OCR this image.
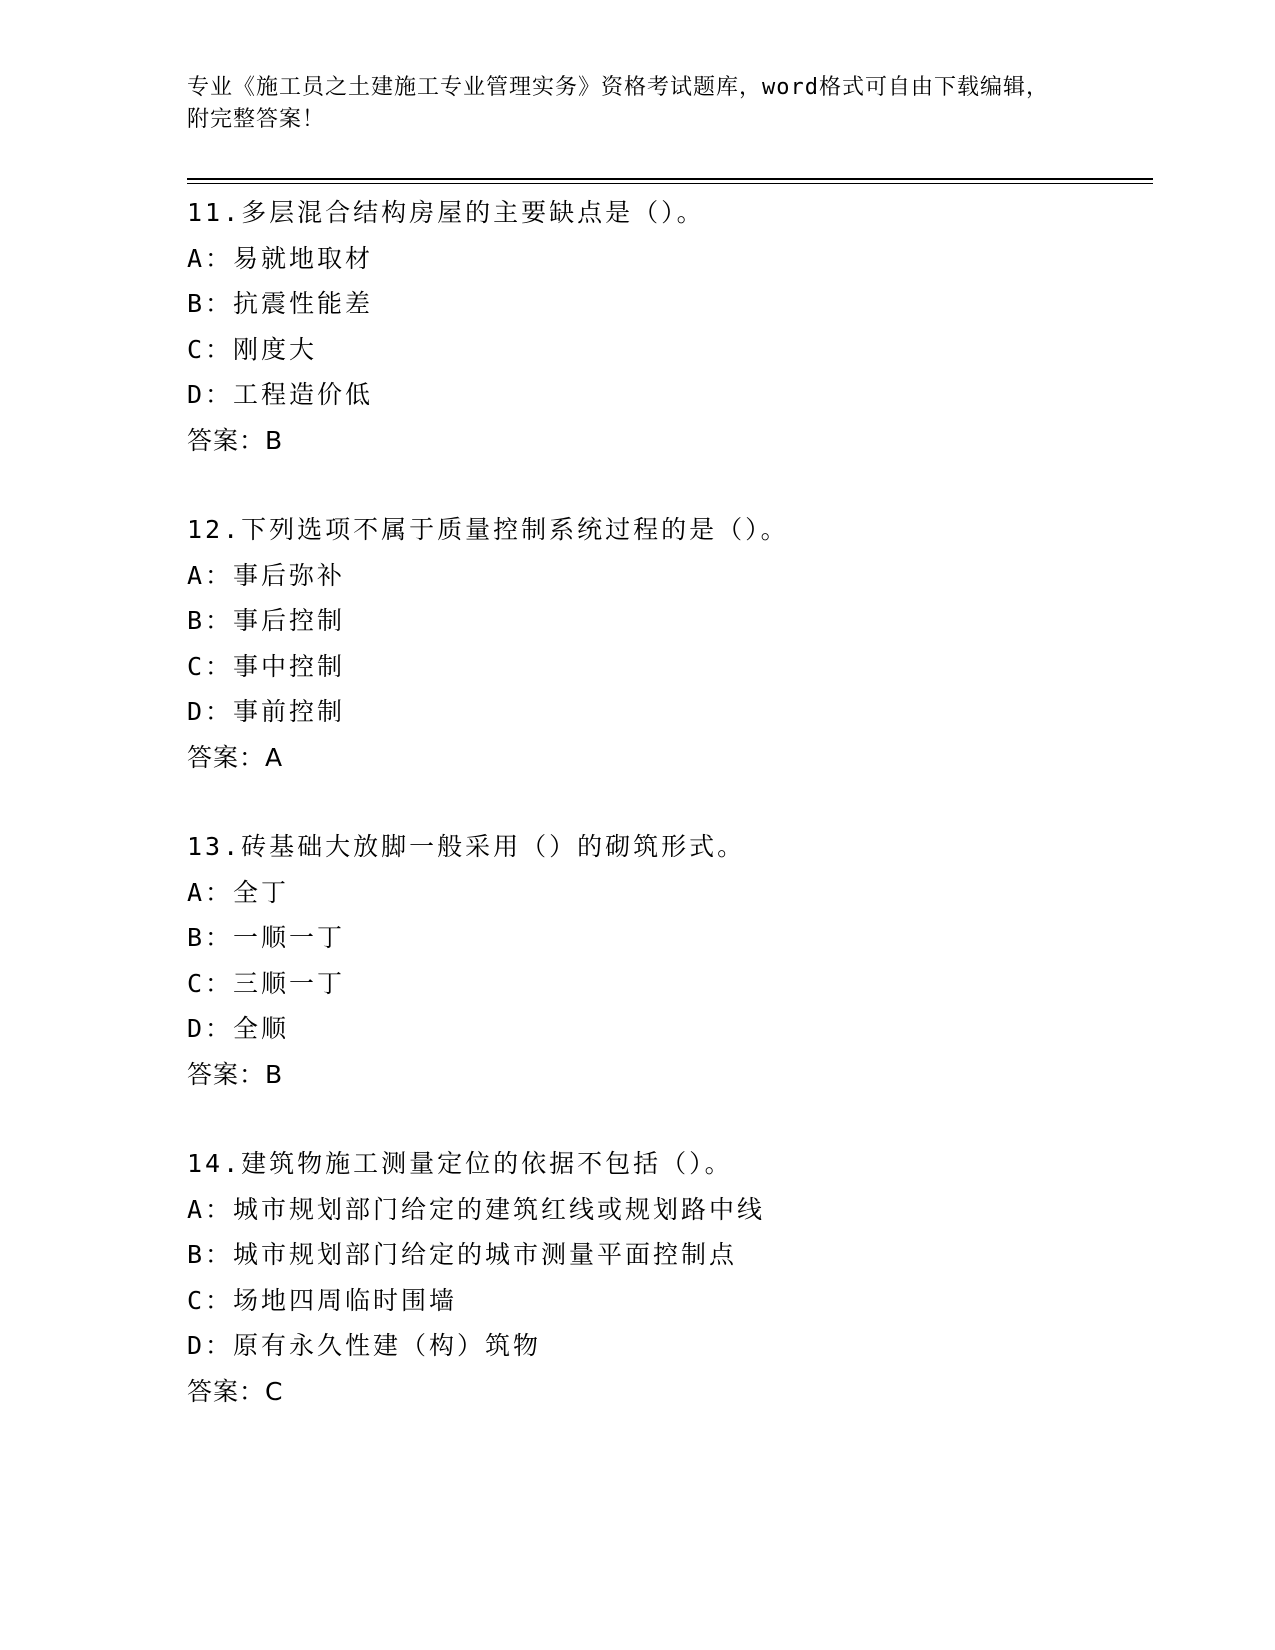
专业《施工员之土建施工专业管理实务》资格考试题库，word格式可自由下载编辑，附完整答案！
11.多层混合结构房屋的主要缺点是（）。
A：易就地取材
B：抗震性能差
C：刚度大
D：工程造价低
答案：B
12.下列选项不属于质量控制系统过程的是（）。
A：事后弥补
B：事后控制
C：事中控制
D：事前控制
答案：A
13.砖基础大放脚一般采用（）的砌筑形式。
A：全丁
B：一顺一丁
C：三顺一丁
D：全顺
答案：B
14.建筑物施工测量定位的依据不包括（）。
A：城市规划部门给定的建筑红线或规划路中线
B：城市规划部门给定的城市测量平面控制点
C：场地四周临时围墙
D：原有永久性建（构）筑物
答案：C
